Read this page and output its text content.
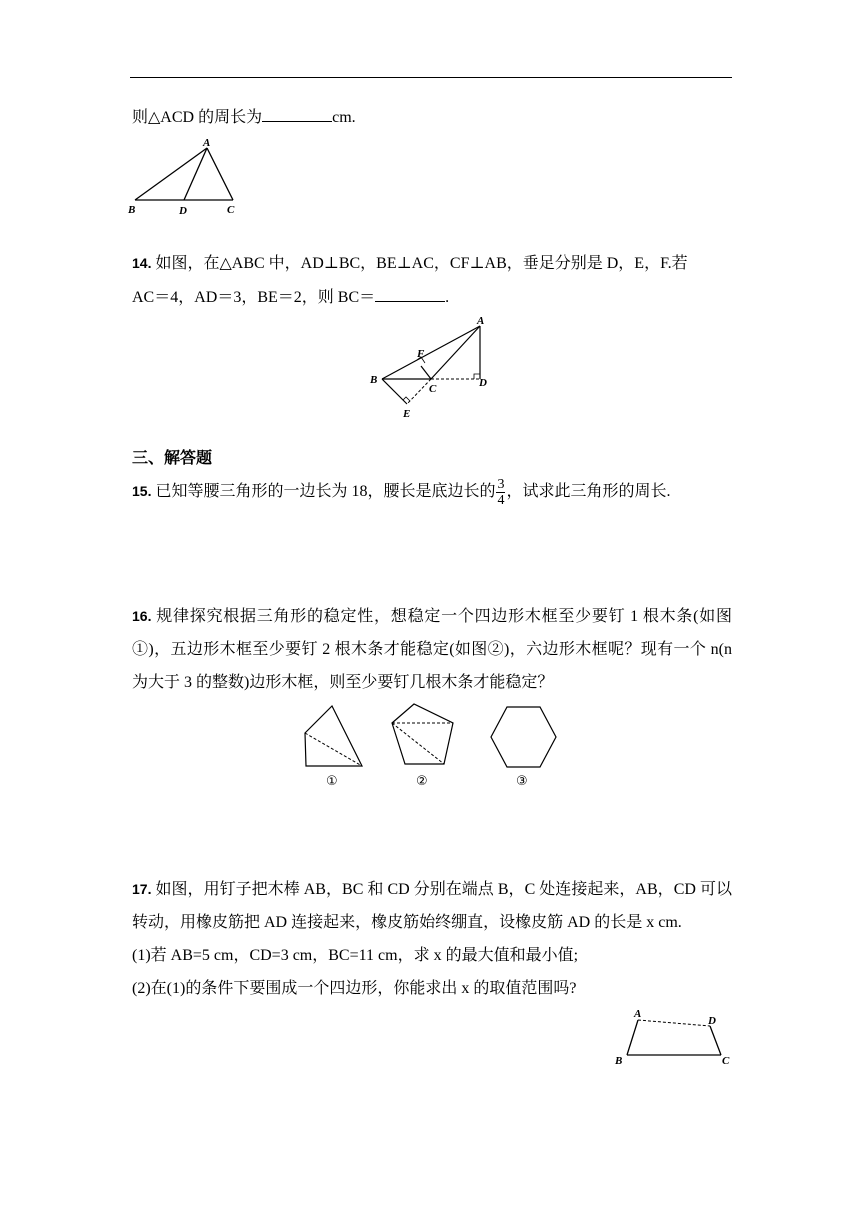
则△ACD 的周长为	cm.
A
B	D	C
14. 如图，在△ABC 中，AD⊥BC，BE⊥AC，CF⊥AB，垂足分别是 D，E，F.若
AC＝4，AD＝3，BE＝2，则 BC＝	.
A
F
B
C	D
E
三、解答题
15. 已知等腰三角形的一边长为 18，腰长是底边长的 $\frac{3}{4}$ ，试求此三角形的周长.
16. 规律探究根据三角形的稳定性，想稳定一个四边形木框至少要钉 1 根木条(如图①)，五边形木框至少要钉 2 根木条才能稳定(如图②)，六边形木框呢？现有一个 n(n 为大于 3 的整数)边形木框，则至少要钉几根木条才能稳定？
①	②	③
17. 如图，用钉子把木棒 AB，BC 和 CD 分别在端点 B，C 处连接起来，AB，CD 可以转动，用橡皮筋把 AD 连接起来，橡皮筋始终绷直，设橡皮筋 AD 的长是 x cm.
(1)若 AB=5 cm，CD=3 cm，BC=11 cm，求 x 的最大值和最小值;
(2)在(1)的条件下要围成一个四边形，你能求出 x 的取值范围吗?
A
D
B	C
